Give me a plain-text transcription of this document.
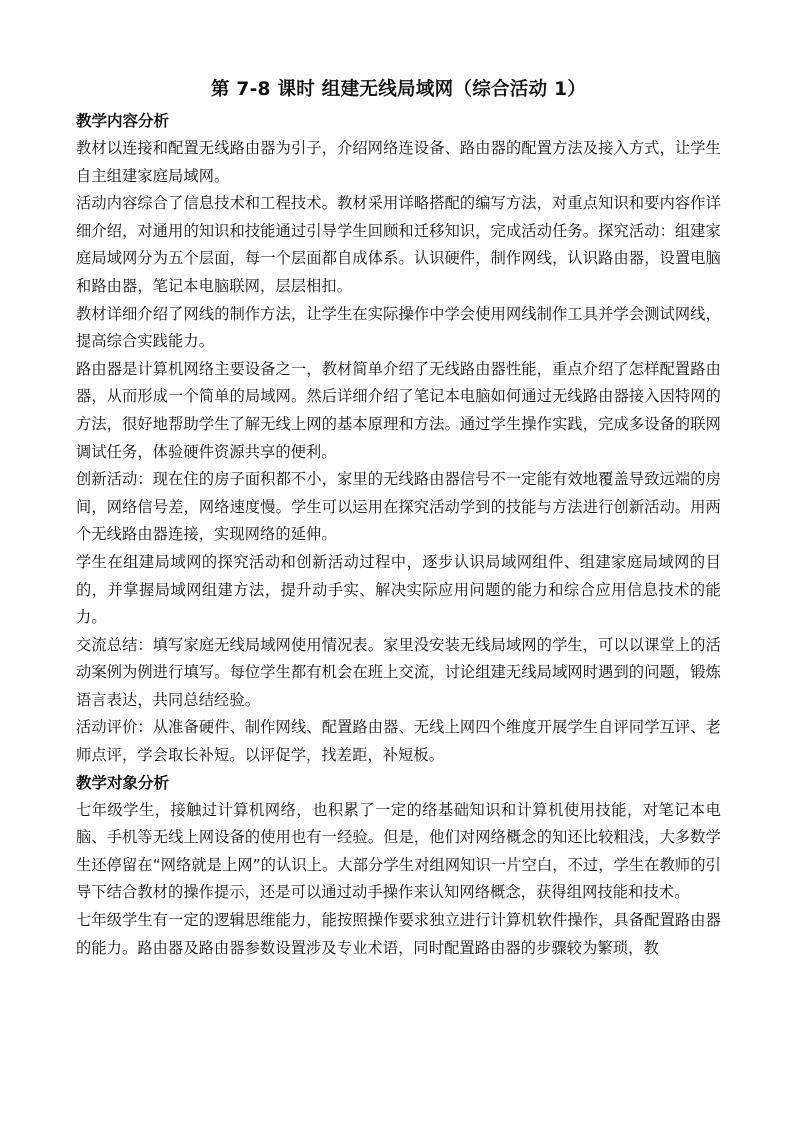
第 7-8 课时 组建无线局域网（综合活动 1）
教学内容分析

教材以连接和配置无线路由器为引子，介绍网络连设备、路由器的配置方法及接入方式，让学生自主组建家庭局域网。

活动内容综合了信息技术和工程技术。教材采用详略搭配的编写方法，对重点知识和要内容作详细介绍，对通用的知识和技能通过引导学生回顾和迁移知识，完成活动任务。探究活动：组建家庭局域网分为五个层面，每一个层面都自成体系。认识硬件，制作网线，认识路由器，设置电脑和路由器，笔记本电脑联网，层层相扣。

教材详细介绍了网线的制作方法，让学生在实际操作中学会使用网线制作工具并学会测试网线，提高综合实践能力。

路由器是计算机网络主要设备之一，教材简单介绍了无线路由器性能，重点介绍了怎样配置路由器，从而形成一个简单的局域网。然后详细介绍了笔记本电脑如何通过无线路由器接入因特网的方法，很好地帮助学生了解无线上网的基本原理和方法。通过学生操作实践，完成多设备的联网调试任务，体验硬件资源共享的便利。

创新活动：现在住的房子面积都不小，家里的无线路由器信号不一定能有效地覆盖导致远端的房间，网络信号差，网络速度慢。学生可以运用在探究活动学到的技能与方法进行创新活动。用两个无线路由器连接，实现网络的延伸。

学生在组建局域网的探究活动和创新活动过程中，逐步认识局域网组件、组建家庭局域网的目的，并掌握局域网组建方法，提升动手实、解决实际应用问题的能力和综合应用信息技术的能力。

交流总结：填写家庭无线局域网使用情况表。家里没安装无线局域网的学生，可以以课堂上的活动案例为例进行填写。每位学生都有机会在班上交流，讨论组建无线局域网时遇到的问题，锻炼语言表达，共同总结经验。

活动评价：从准备硬件、制作网线、配置路由器、无线上网四个维度开展学生自评同学互评、老师点评，学会取长补短。以评促学，找差距，补短板。

教学对象分析

七年级学生，接触过计算机网络，也积累了一定的络基础知识和计算机使用技能，对笔记本电脑、手机等无线上网设备的使用也有一经验。但是，他们对网络概念的知还比较粗浅，大多数学生还停留在“网络就是上网”的认识上。大部分学生对组网知识一片空白，不过，学生在教师的引导下结合教材的操作提示，还是可以通过动手操作来认知网络概念，获得组网技能和技术。

七年级学生有一定的逻辑思维能力，能按照操作要求独立进行计算机软件操作，具备配置路由器的能力。路由器及路由器参数设置涉及专业术语，同时配置路由器的步骤较为繁琐，教
